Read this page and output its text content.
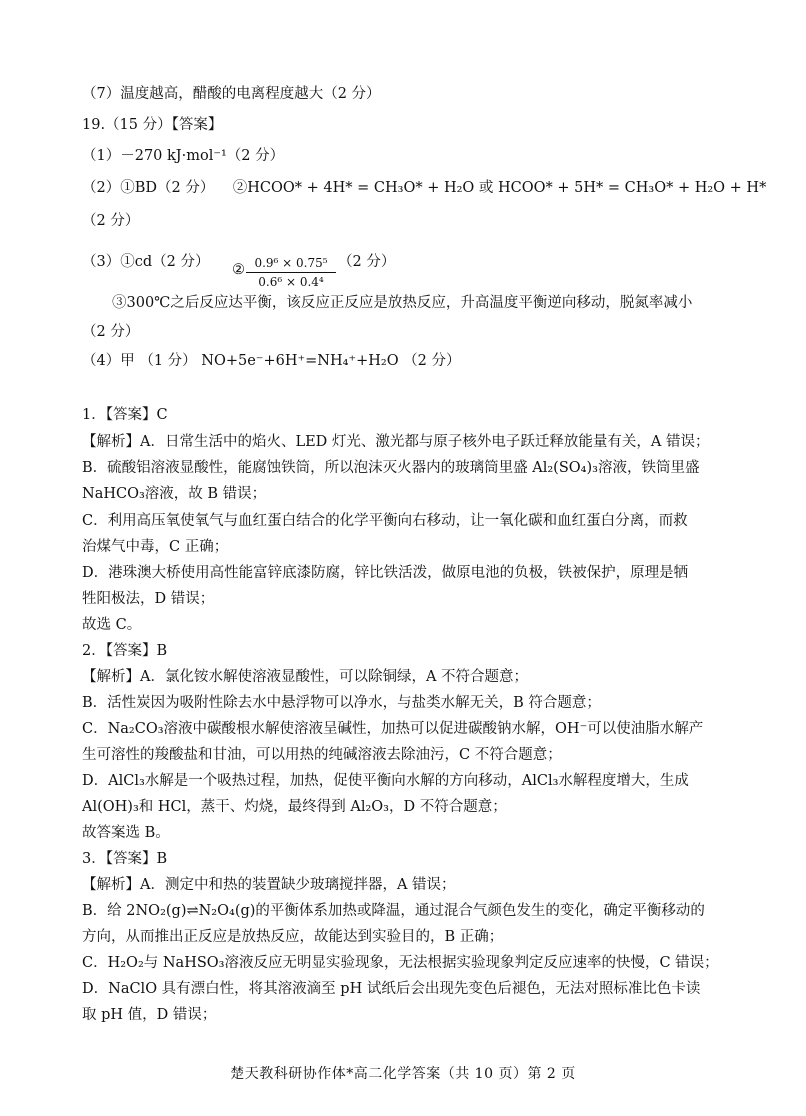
（7）温度越高，醋酸的电离程度越大（2 分）
19.（15 分）【答案】
（1）－270 kJ·mol⁻¹（2 分）
（2）①BD（2 分） ②HCOO* + 4H* = CH₃O* + H₂O 或 HCOO* + 5H* = CH₃O* + H₂O + H*
（2 分）
（3）①cd（2 分）	② $\frac{\text{0.9⁶ × 0.75⁵}}{\text{0.6⁶ × 0.4⁴}} (2$ 分）
③300℃之后反应达平衡，该反应正反应是放热反应，升高温度平衡逆向移动，脱氮率减小
（2 分）
（4）甲 （1 分） NO+5e⁻+6H⁺=NH₄⁺+H₂O （2 分）
1．【答案】C
【解析】A．日常生活中的焰火、LED 灯光、激光都与原子核外电子跃迁释放能量有关，A 错误；
B．硫酸铝溶液显酸性，能腐蚀铁筒，所以泡沫灭火器内的玻璃筒里盛 Al₂(SO₄)₃溶液，铁筒里盛
NaHCO₃溶液，故 B 错误；
C．利用高压氧使氧气与血红蛋白结合的化学平衡向右移动，让一氧化碳和血红蛋白分离，而救
治煤气中毒，C 正确；
D．港珠澳大桥使用高性能富锌底漆防腐，锌比铁活泼，做原电池的负极，铁被保护，原理是牺
牲阳极法，D 错误；
故选 C。
2．【答案】B
【解析】A．氯化铵水解使溶液显酸性，可以除铜绿，A 不符合题意；
B．活性炭因为吸附性除去水中悬浮物可以净水，与盐类水解无关，B 符合题意；
C．Na₂CO₃溶液中碳酸根水解使溶液呈碱性，加热可以促进碳酸钠水解，OH⁻可以使油脂水解产
生可溶性的羧酸盐和甘油，可以用热的纯碱溶液去除油污，C 不符合题意；
D．AlCl₃水解是一个吸热过程，加热，促使平衡向水解的方向移动，AlCl₃水解程度增大，生成
Al(OH)₃和 HCl，蒸干、灼烧，最终得到 Al₂O₃，D 不符合题意；
故答案选 B。
3．【答案】B
【解析】A．测定中和热的装置缺少玻璃搅拌器，A 错误；
B．给 2NO₂(g)⇌N₂O₄(g)的平衡体系加热或降温，通过混合气颜色发生的变化，确定平衡移动的
方向，从而推出正反应是放热反应，故能达到实验目的，B 正确；
C．H₂O₂与 NaHSO₃溶液反应无明显实验现象，无法根据实验现象判定反应速率的快慢，C 错误；
D．NaClO 具有漂白性，将其溶液滴至 pH 试纸后会出现先变色后褪色，无法对照标准比色卡读
取 pH 值，D 错误；
楚天教科研协作体*高二化学答案（共 10 页）第 2 页
